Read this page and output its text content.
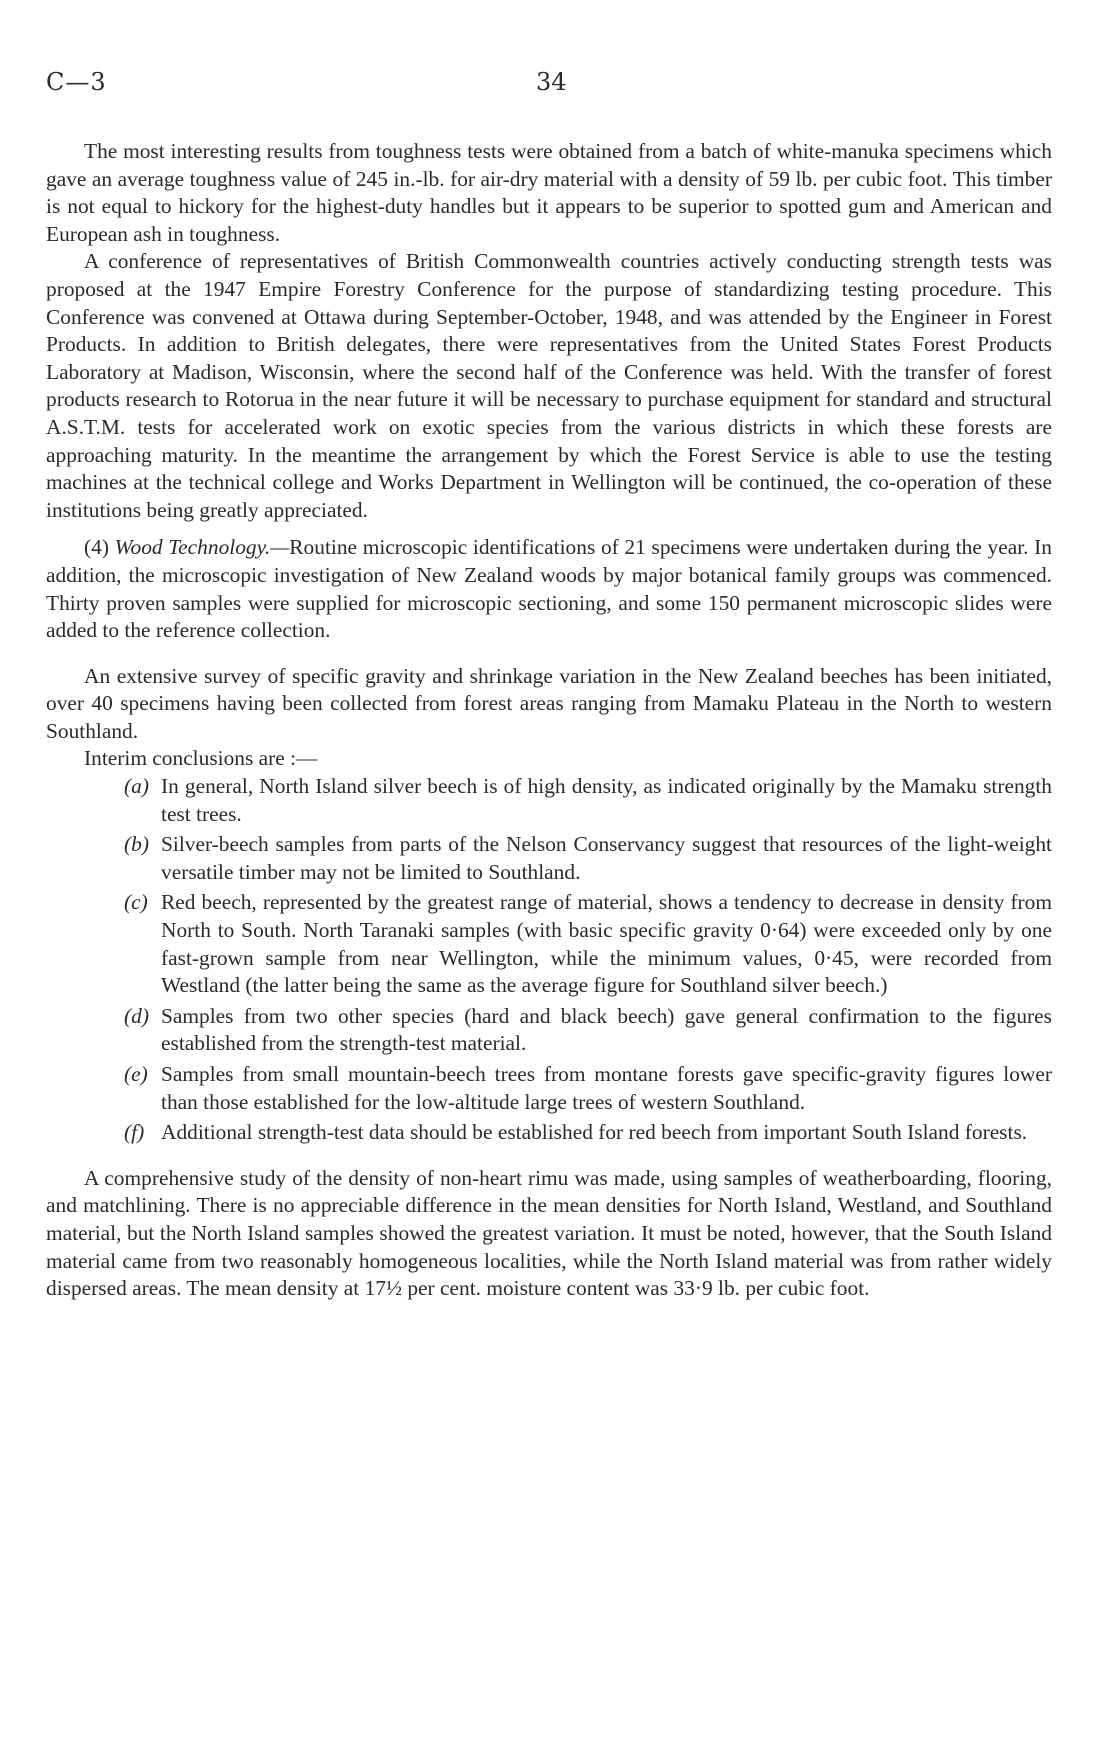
C—3	34

The most interesting results from toughness tests were obtained from a batch of white-manuka specimens which gave an average toughness value of 245 in.-lb. for air-dry material with a density of 59 lb. per cubic foot. This timber is not equal to hickory for the highest-duty handles but it appears to be superior to spotted gum and American and European ash in toughness.

A conference of representatives of British Commonwealth countries actively conducting strength tests was proposed at the 1947 Empire Forestry Conference for the purpose of standardizing testing procedure. This Conference was convened at Ottawa during September-October, 1948, and was attended by the Engineer in Forest Products. In addition to British delegates, there were representatives from the United States Forest Products Laboratory at Madison, Wisconsin, where the second half of the Conference was held. With the transfer of forest products research to Rotorua in the near future it will be necessary to purchase equipment for standard and structural A.S.T.M. tests for accelerated work on exotic species from the various districts in which these forests are approaching maturity. In the meantime the arrangement by which the Forest Service is able to use the testing machines at the technical college and Works Department in Wellington will be continued, the co-operation of these institutions being greatly appreciated.

(4) Wood Technology.—Routine microscopic identifications of 21 specimens were undertaken during the year. In addition, the microscopic investigation of New Zealand woods by major botanical family groups was commenced. Thirty proven samples were supplied for microscopic sectioning, and some 150 permanent microscopic slides were added to the reference collection.

An extensive survey of specific gravity and shrinkage variation in the New Zealand beeches has been initiated, over 40 specimens having been collected from forest areas ranging from Mamaku Plateau in the North to western Southland.

Interim conclusions are :—

(a) In general, North Island silver beech is of high density, as indicated originally by the Mamaku strength test trees.
(b) Silver-beech samples from parts of the Nelson Conservancy suggest that resources of the light-weight versatile timber may not be limited to Southland.
(c) Red beech, represented by the greatest range of material, shows a tendency to decrease in density from North to South. North Taranaki samples (with basic specific gravity 0·64) were exceeded only by one fast-grown sample from near Wellington, while the minimum values, 0·45, were recorded from Westland (the latter being the same as the average figure for Southland silver beech.)
(d) Samples from two other species (hard and black beech) gave general confirmation to the figures established from the strength-test material.
(e) Samples from small mountain-beech trees from montane forests gave specific-gravity figures lower than those established for the low-altitude large trees of western Southland.
(f) Additional strength-test data should be established for red beech from important South Island forests.

A comprehensive study of the density of non-heart rimu was made, using samples of weatherboarding, flooring, and matchlining. There is no appreciable difference in the mean densities for North Island, Westland, and Southland material, but the North Island samples showed the greatest variation. It must be noted, however, that the South Island material came from two reasonably homogeneous localities, while the North Island material was from rather widely dispersed areas. The mean density at 17½ per cent. moisture content was 33·9 lb. per cubic foot.
